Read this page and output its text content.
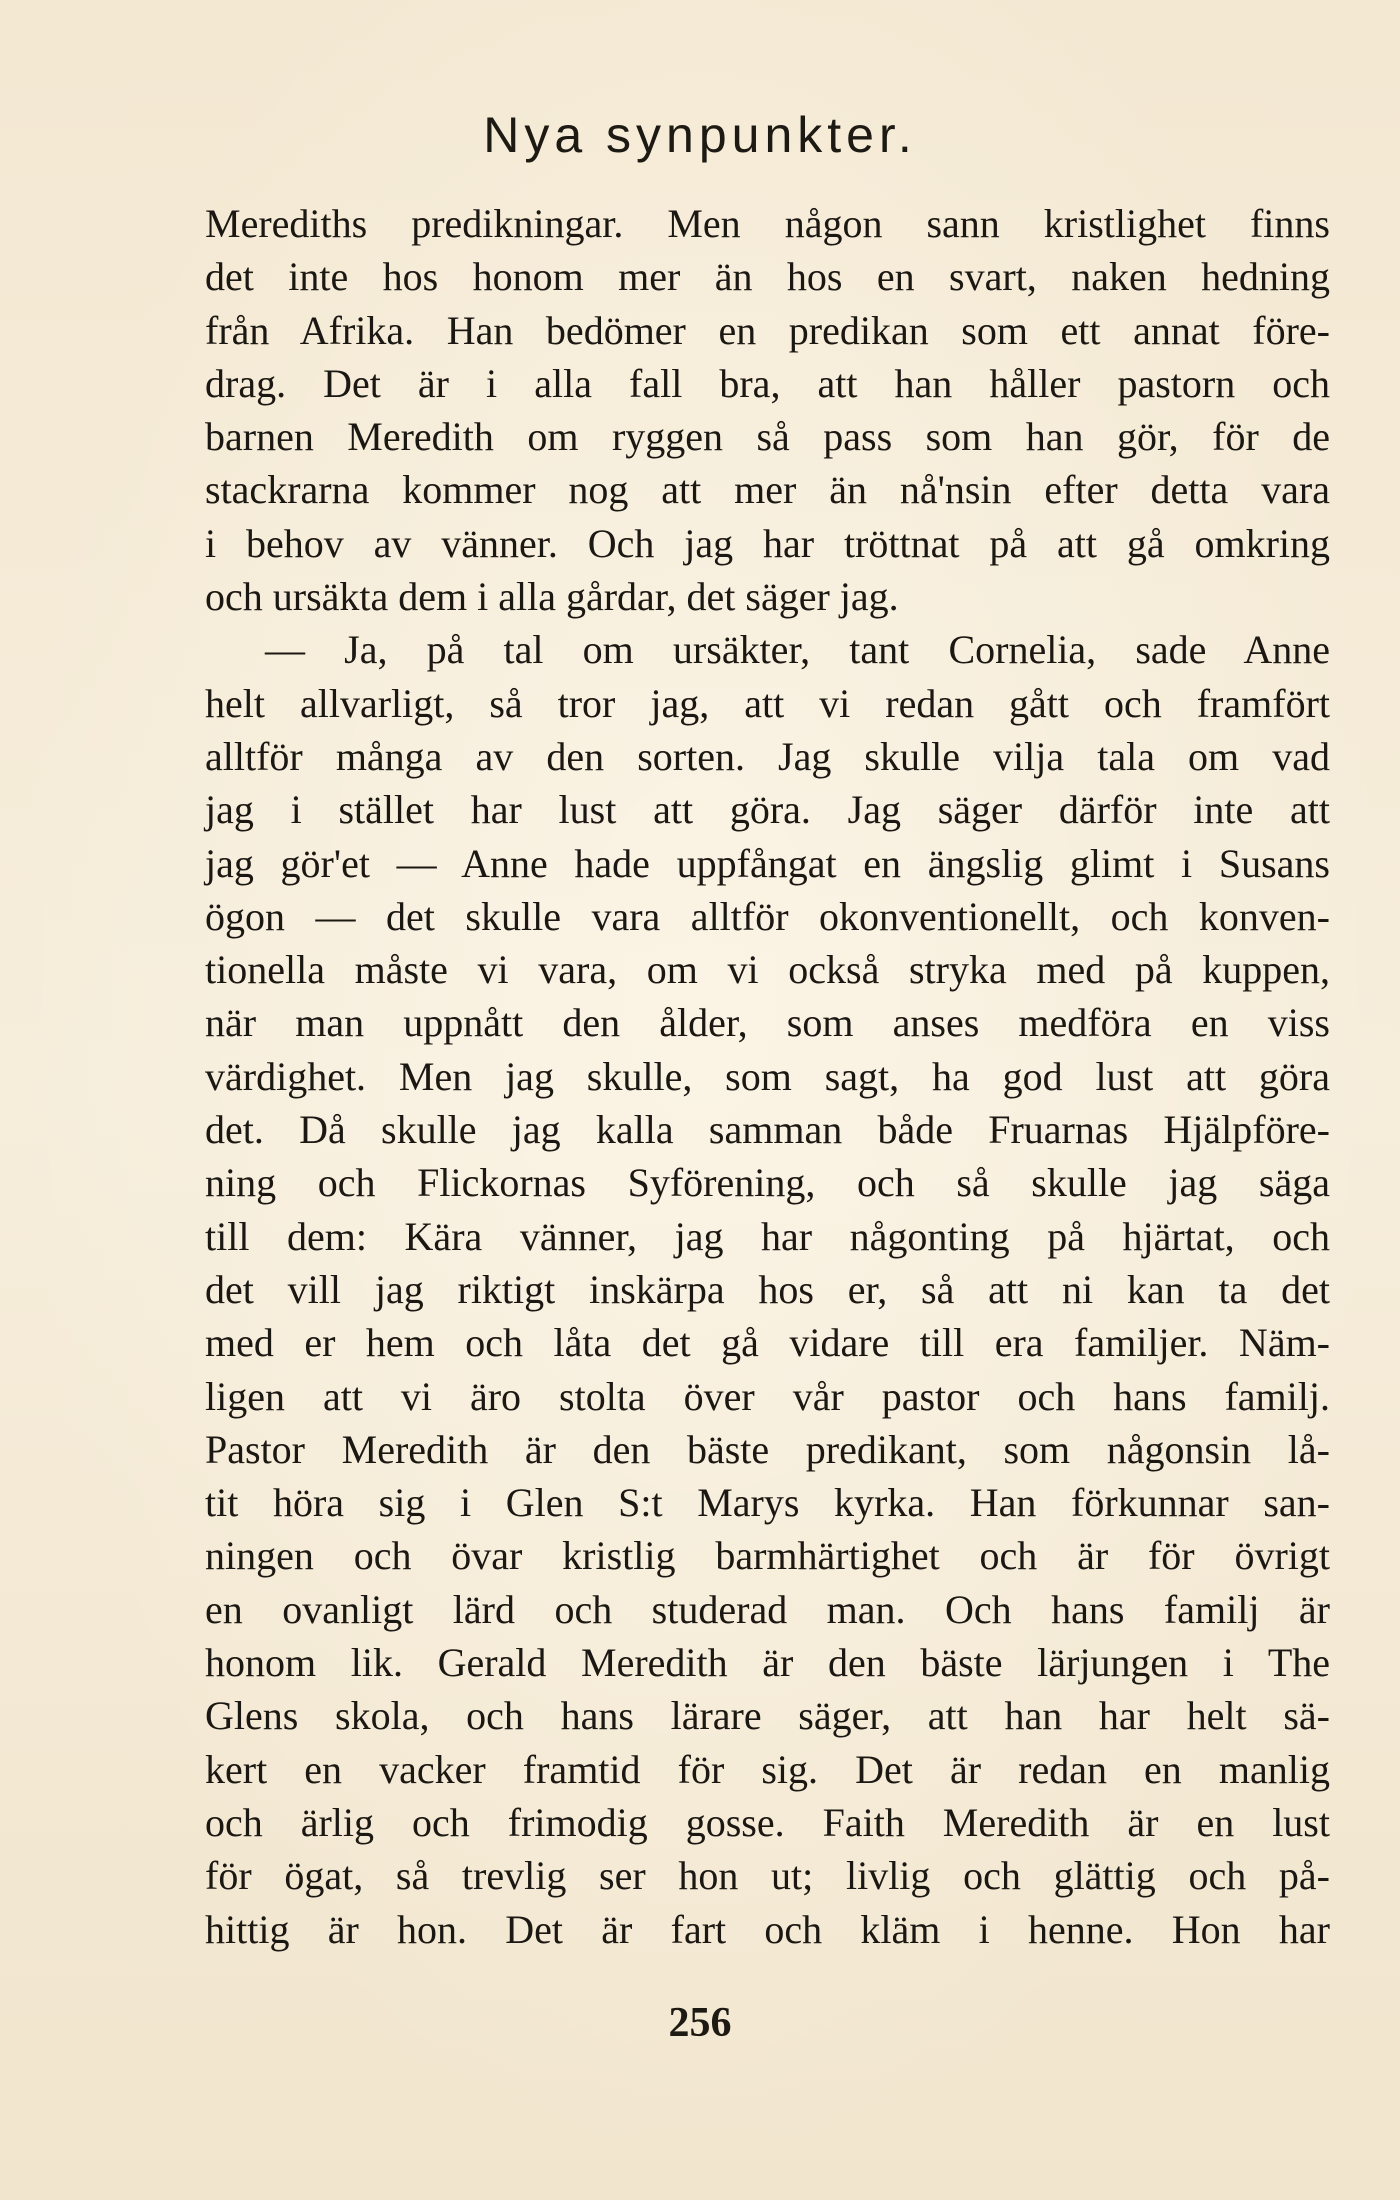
Nya synpunkter.
Merediths predikningar. Men någon sann kristlighet finns
det inte hos honom mer än hos en svart, naken hedning
från Afrika. Han bedömer en predikan som ett annat före-
drag. Det är i alla fall bra, att han håller pastorn och
barnen Meredith om ryggen så pass som han gör, för de
stackrarna kommer nog att mer än nå'nsin efter detta vara
i behov av vänner. Och jag har tröttnat på att gå omkring
och ursäkta dem i alla gårdar, det säger jag.
— Ja, på tal om ursäkter, tant Cornelia, sade Anne
helt allvarligt, så tror jag, att vi redan gått och framfört
alltför många av den sorten. Jag skulle vilja tala om vad
jag i stället har lust att göra. Jag säger därför inte att
jag gör'et — Anne hade uppfångat en ängslig glimt i Susans
ögon — det skulle vara alltför okonventionellt, och konven-
tionella måste vi vara, om vi också stryka med på kuppen,
när man uppnått den ålder, som anses medföra en viss
värdighet. Men jag skulle, som sagt, ha god lust att göra
det. Då skulle jag kalla samman både Fruarnas Hjälpföre-
ning och Flickornas Syförening, och så skulle jag säga
till dem: Kära vänner, jag har någonting på hjärtat, och
det vill jag riktigt inskärpa hos er, så att ni kan ta det
med er hem och låta det gå vidare till era familjer. Näm-
ligen att vi äro stolta över vår pastor och hans familj.
Pastor Meredith är den bäste predikant, som någonsin lå-
tit höra sig i Glen S:t Marys kyrka. Han förkunnar san-
ningen och övar kristlig barmhärtighet och är för övrigt
en ovanligt lärd och studerad man. Och hans familj är
honom lik. Gerald Meredith är den bäste lärjungen i The
Glens skola, och hans lärare säger, att han har helt sä-
kert en vacker framtid för sig. Det är redan en manlig
och ärlig och frimodig gosse. Faith Meredith är en lust
för ögat, så trevlig ser hon ut; livlig och glättig och på-
hittig är hon. Det är fart och kläm i henne. Hon har
256
